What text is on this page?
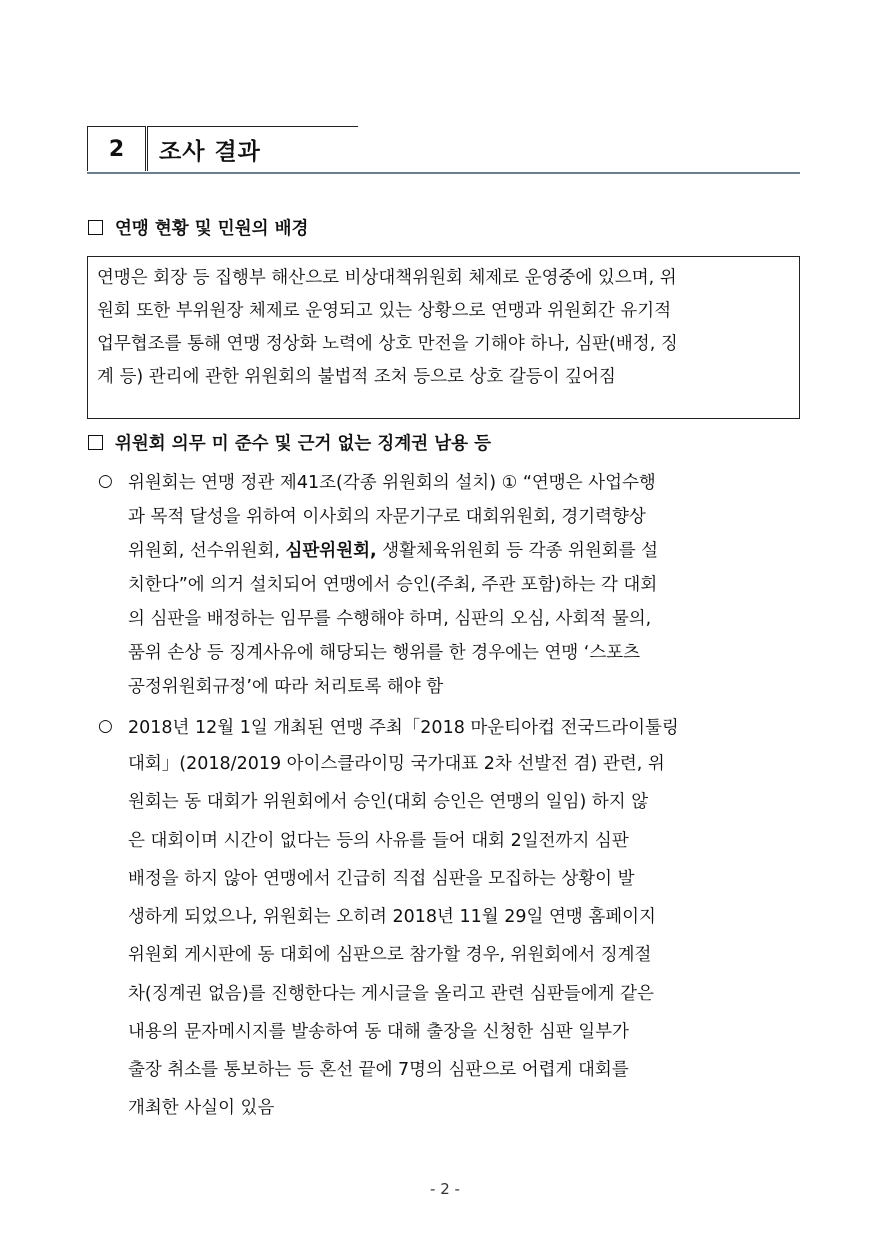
2	조사 결과
연맹 현황 및 민원의 배경
연맹은 회장 등 집행부 해산으로 비상대책위원회 체제로 운영중에 있으며, 위
원회 또한 부위원장 체제로 운영되고 있는 상황으로 연맹과 위원회간 유기적
업무협조를 통해 연맹 정상화 노력에 상호 만전을 기해야 하나, 심판(배정, 징
계 등) 관리에 관한 위원회의 불법적 조처 등으로 상호 갈등이 깊어짐
위원회 의무 미 준수 및 근거 없는 징계권 남용 등
○ 위원회는 연맹 정관 제41조(각종 위원회의 설치) ① “연맹은 사업수행
과 목적 달성을 위하여 이사회의 자문기구로 대회위원회, 경기력향상
위원회, 선수위원회, 심판위원회, 생활체육위원회 등 각종 위원회를 설
치한다”에 의거 설치되어 연맹에서 승인(주최, 주관 포함)하는 각 대회
의 심판을 배정하는 임무를 수행해야 하며, 심판의 오심, 사회적 물의,
품위 손상 등 징계사유에 해당되는 행위를 한 경우에는 연맹 ‘스포츠
공정위원회규정’에 따라 처리토록 해야 함
○ 2018년 12월 1일 개최된 연맹 주최「2018 마운티아컵 전국드라이툴링
대회」(2018/2019 아이스클라이밍 국가대표 2차 선발전 겸) 관련, 위
원회는 동 대회가 위원회에서 승인(대회 승인은 연맹의 일임) 하지 않
은 대회이며 시간이 없다는 등의 사유를 들어 대회 2일전까지 심판
배정을 하지 않아 연맹에서 긴급히 직접 심판을 모집하는 상황이 발
생하게 되었으나, 위원회는 오히려 2018년 11월 29일 연맹 홈페이지
위원회 게시판에 동 대회에 심판으로 참가할 경우, 위원회에서 징계절
차(징계권 없음)를 진행한다는 게시글을 올리고 관련 심판들에게 같은
내용의 문자메시지를 발송하여 동 대해 출장을 신청한 심판 일부가
출장 취소를 통보하는 등 혼선 끝에 7명의 심판으로 어렵게 대회를
개최한 사실이 있음
- 2 -
